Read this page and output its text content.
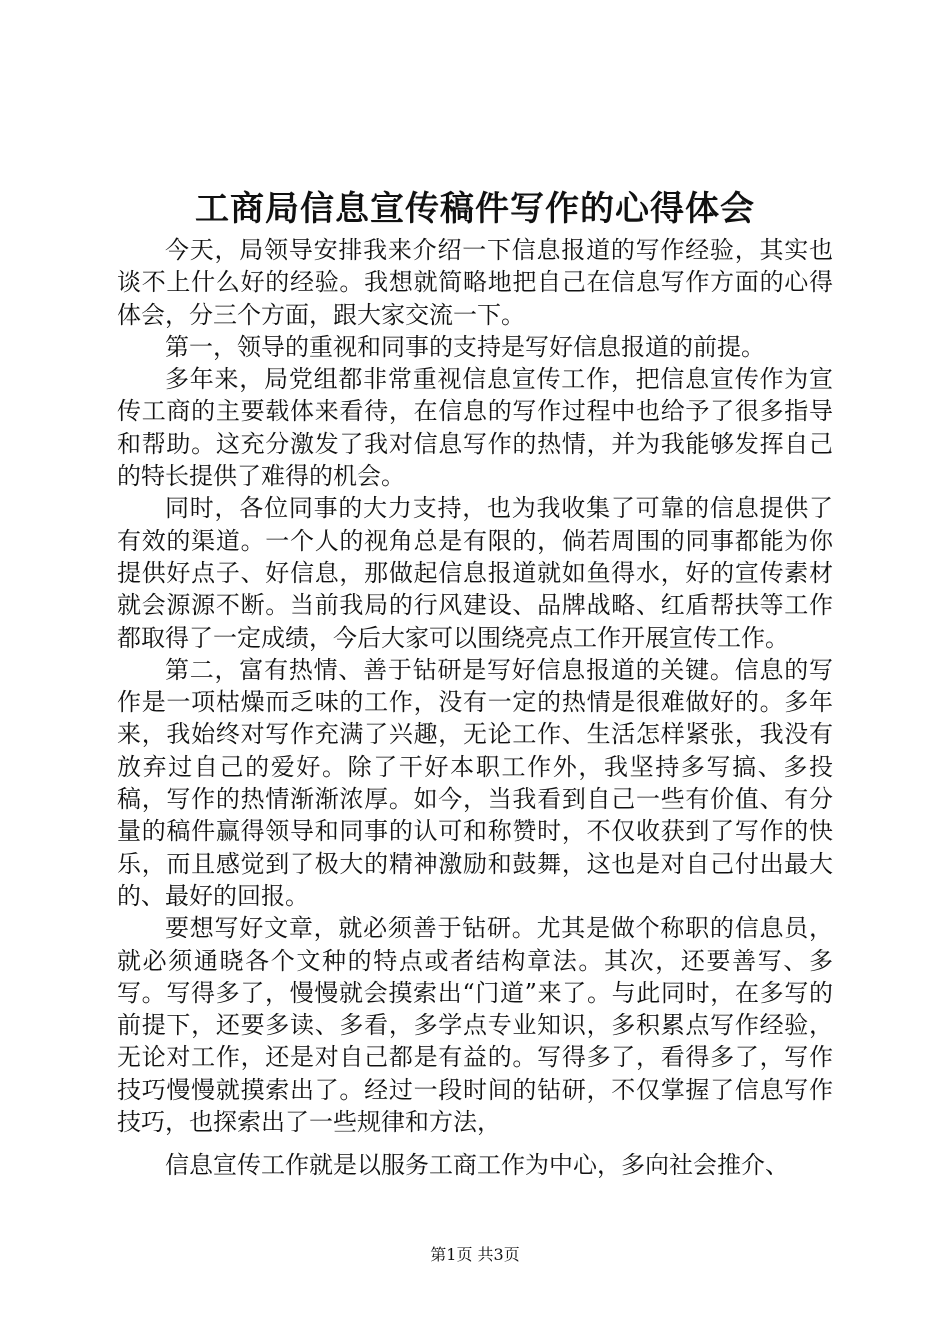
工商局信息宣传稿件写作的心得体会

今天，局领导安排我来介绍一下信息报道的写作经验，其实也谈不上什么好的经验。我想就简略地把自己在信息写作方面的心得体会，分三个方面，跟大家交流一下。

第一，领导的重视和同事的支持是写好信息报道的前提。

多年来，局党组都非常重视信息宣传工作，把信息宣传作为宣传工商的主要载体来看待，在信息的写作过程中也给予了很多指导和帮助。这充分激发了我对信息写作的热情，并为我能够发挥自己的特长提供了难得的机会。

同时，各位同事的大力支持，也为我收集了可靠的信息提供了有效的渠道。一个人的视角总是有限的，倘若周围的同事都能为你提供好点子、好信息，那做起信息报道就如鱼得水，好的宣传素材就会源源不断。当前我局的行风建设、品牌战略、红盾帮扶等工作都取得了一定成绩，今后大家可以围绕亮点工作开展宣传工作。

第二，富有热情、善于钻研是写好信息报道的关键。信息的写作是一项枯燥而乏味的工作，没有一定的热情是很难做好的。多年来，我始终对写作充满了兴趣，无论工作、生活怎样紧张，我没有放弃过自己的爱好。除了干好本职工作外，我坚持多写搞、多投稿，写作的热情渐渐浓厚。如今，当我看到自己一些有价值、有分量的稿件赢得领导和同事的认可和称赞时，不仅收获到了写作的快乐，而且感觉到了极大的精神激励和鼓舞，这也是对自己付出最大的、最好的回报。

要想写好文章，就必须善于钻研。尤其是做个称职的信息员，就必须通晓各个文种的特点或者结构章法。其次，还要善写、多写。写得多了，慢慢就会摸索出“门道”来了。与此同时，在多写的前提下，还要多读、多看，多学点专业知识，多积累点写作经验，无论对工作，还是对自己都是有益的。写得多了，看得多了，写作技巧慢慢就摸索出了。经过一段时间的钻研，不仅掌握了信息写作技巧，也探索出了一些规律和方法，

信息宣传工作就是以服务工商工作为中心，多向社会推介、

第1页 共3页
